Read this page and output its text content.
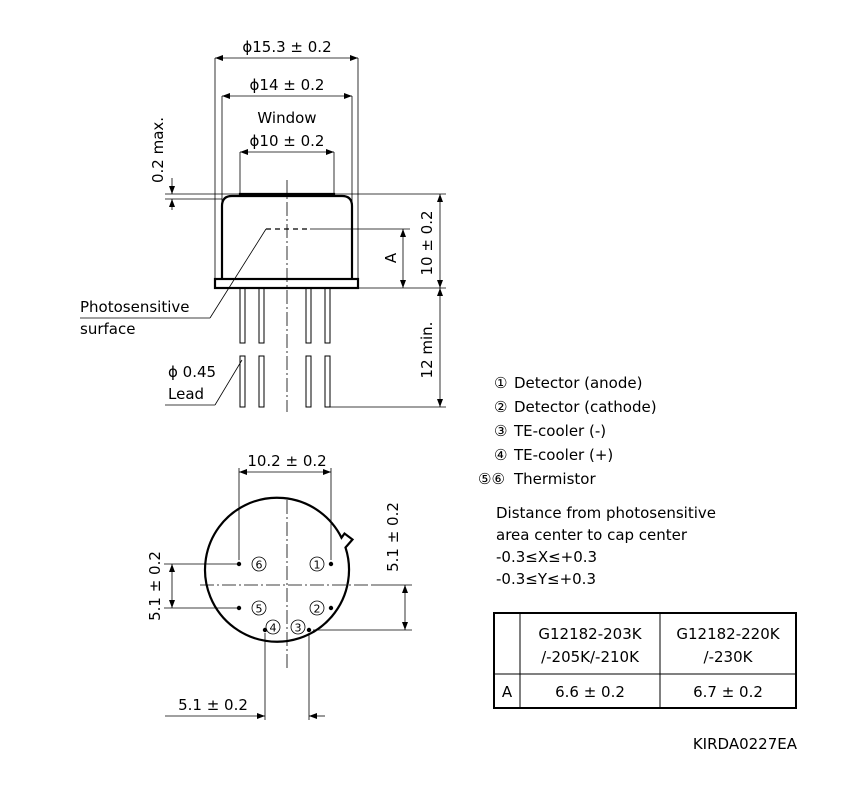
ϕ15.3 ± 0.2
ϕ14 ± 0.2
Window
ϕ10 ± 0.2
0.2 max.
A 10 ± 0.2
12 min.
Photosensitive
surface
ϕ 0.45
Lead
1
2
3
4
5
6
10.2 ± 0.2
5.1 ± 0.2
5.1 ± 0.2
5.1 ± 0.2
① Detector (anode)
② Detector (cathode)
③ TE-cooler (-)
④ TE-cooler (+)
⑤⑥ Thermistor
Distance from photosensitive
area center to cap center
-0.3≤X≤+0.3
-0.3≤Y≤+0.3
G12182-203K
/-205K/-210K
G12182-220K
/-230K
A	6.6 ± 0.2	6.7 ± 0.2
KIRDA0227EA
